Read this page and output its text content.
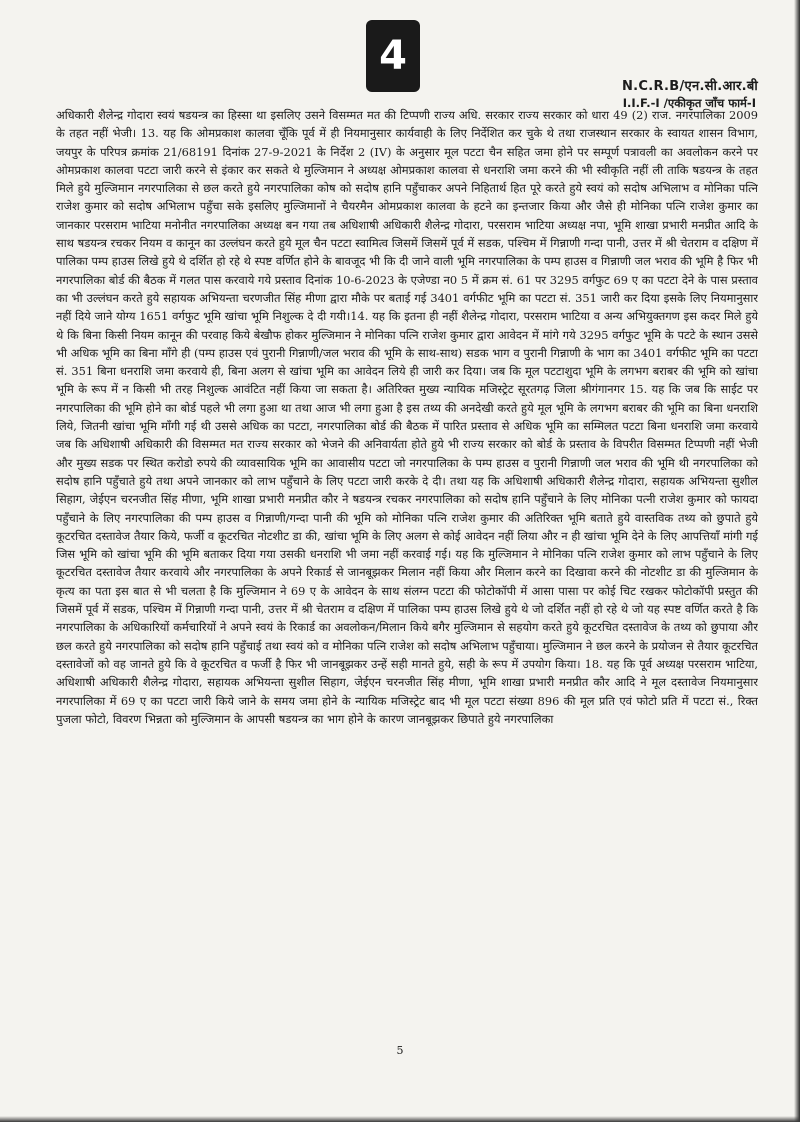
4
N.C.R.B/एन.सी.आर.बी
I.I.F.-I /एकीकृत जाँच फार्म-I

अधिकारी शैलेन्द्र गोदारा स्वयं षडयन्त्र का हिस्सा था इसलिए उसने विसम्मत मत की टिप्पणी राज्य अधि. सरकार राज्य सरकार को धारा 49 (2) राज. नगरपालिका 2009 के तहत नहीं भेजी। 13. यह कि ओमप्रकाश कालवा चूँकि पूर्व में ही नियमानुसार कार्यवाही के लिए निर्देशित कर चुके थे तथा राजस्थान सरकार के स्वायत शासन विभाग, जयपुर के परिपत्र क्रमांक 21/68191 दिनांक 27-9-2021 के निर्देश 2 (IV) के अनुसार मूल पटटा चैन सहित जमा होने पर सम्पूर्ण पत्रावली का अवलोकन करने पर ओमप्रकाश कालवा पटटा जारी करने से इंकार कर सकते थे मुल्जिमान ने अध्यक्ष ओमप्रकाश कालवा से धनराशि जमा करने की भी स्वीकृति नहीं ली ताकि षडयन्त्र के तहत मिले हुये मुल्जिमान नगरपालिका से छल करते हुये नगरपालिका कोष को सदोष हानि पहुँचाकर अपने निहितार्थ हित पूरे करते हुये स्वयं को सदोष अभिलाभ व मोनिका पत्नि राजेश कुमार को सदोष अभिलाभ पहुँचा सके इसलिए मुल्जिमानों ने चैयरमैन ओमप्रकाश कालवा के हटने का इन्तजार किया और जैसे ही मोनिका पत्नि राजेश कुमार का जानकार परसराम भाटिया मनोनीत नगरपालिका अध्यक्ष बन गया तब अधिशाषी अधिकारी शैलेन्द्र गोदारा, परसराम भाटिया अध्यक्ष नपा, भूमि शाखा प्रभारी मनप्रीत आदि के साथ षडयन्त्र रचकर नियम व कानून का उल्लंघन करते हुये मूल चैन पटटा स्वामित्व जिसमें जिसमें पूर्व में सडक, पश्चिम में गिन्नाणी गन्दा पानी, उत्तर में श्री चेतराम व दक्षिण में पालिका पम्प हाउस लिखे हुये थे दर्शित हो रहे थे स्पष्ट वर्णित होने के बावजूद भी कि दी जाने वाली भूमि नगरपालिका के पम्प हाउस व गिन्नाणी जल भराव की भूमि है फिर भी नगरपालिका बोर्ड की बैठक में गलत पास करवाये गये प्रस्ताव दिनांक 10-6-2023 के एजेण्डा न0 5 में क्रम सं. 61 पर 3295 वर्गफुट 69 ए का पटटा देने के पास प्रस्ताव का भी उल्लंघन करते हुये सहायक अभियन्ता चरणजीत सिंह मीणा द्वारा मौके पर बताई गई 3401 वर्गफीट भूमि का पटटा सं. 351 जारी कर दिया इसके लिए नियमानुसार नहीं दिये जाने योग्य 1651 वर्गफुट भूमि खांचा भूमि निशुल्क दे दी गयी।14. यह कि इतना ही नहीं शैलेन्द्र गोदारा, परसराम भाटिया व अन्य अभियुक्तगण इस कदर मिले हुये थे कि बिना किसी नियम कानून की परवाह किये बेखौफ होकर मुल्जिमान ने मोनिका पत्नि राजेश कुमार द्वारा आवेदन में मांगे गये 3295 वर्गफुट भूमि के पटटे के स्थान उससे भी अधिक भूमि का बिना माँगे ही (पम्प हाउस एवं पुरानी गिन्नाणी/जल भराव की भूमि के साथ-साथ) सडक भाग व पुरानी गिन्नाणी के भाग का 3401 वर्गफीट भूमि का पटटा सं. 351 बिना धनराशि जमा करवाये ही, बिना अलग से खांचा भूमि का आवेदन लिये ही जारी कर दिया। जब कि मूल पटटाशुदा भूमि के लगभग बराबर की भूमि को खांचा भूमि के रूप में न किसी भी तरह निशुल्क आवंटित नहीं किया जा सकता है। अतिरिक्त मुख्य न्यायिक मजिस्ट्रेट सूरतगढ़ जिला श्रीगंगानगर 15. यह कि जब कि साईट पर नगरपालिका की भूमि होने का बोर्ड पहले भी लगा हुआ था तथा आज भी लगा हुआ है इस तथ्य की अनदेखी करते हुये मूल भूमि के लगभग बराबर की भूमि का बिना धनराशि लिये, जितनी खांचा भूमि माँगी गई थी उससे अधिक का पटटा, नगरपालिका बोर्ड की बैठक में पारित प्रस्ताव से अधिक भूमि का सम्मिलत पटटा बिना धनराशि जमा करवाये जब कि अधिशाषी अधिकारी की विसम्मत मत राज्य सरकार को भेजने की अनिवार्यता होते हुये भी राज्य सरकार को बोर्ड के प्रस्ताव के विपरीत विसम्मत टिप्पणी नहीं भेजी और मुख्य सडक पर स्थित करोडो रुपये की व्यावसायिक भूमि का आवासीय पटटा जो नगरपालिका के पम्प हाउस व पुरानी गिन्नाणी जल भराव की भूमि थी नगरपालिका को सदोष हानि पहुँचाते हुये तथा अपने जानकार को लाभ पहुँचाने के लिए पटटा जारी करके दे दी। तथा यह कि अधिशाषी अधिकारी शैलेन्द्र गोदारा, सहायक अभियन्ता सुशील सिहाग, जेईएन चरनजीत सिंह मीणा, भूमि शाखा प्रभारी मनप्रीत कौर ने षडयन्त्र रचकर नगरपालिका को सदोष हानि पहुँचाने के लिए मोनिका पत्नी राजेश कुमार को फायदा पहुँचाने के लिए नगरपालिका की पम्प हाउस व गिन्नाणी/गन्दा पानी की भूमि को मोनिका पत्नि राजेश कुमार की अतिरिक्त भूमि बताते हुये वास्तविक तथ्य को छुपाते हुये कूटरचित दस्तावेज तैयार किये, फर्जी व कूटरचित नोटशीट डा की, खांचा भूमि के लिए अलग से कोई आवेदन नहीं लिया और न ही खांचा भूमि देने के लिए आपत्तियाँ मांगी गई जिस भूमि को खांचा भूमि की भूमि बताकर दिया गया उसकी धनराशि भी जमा नहीं करवाई गई। यह कि मुल्जिमान ने मोनिका पत्नि राजेश कुमार को लाभ पहुँचाने के लिए कूटरचित दस्तावेज तैयार करवाये और नगरपालिका के अपने रिकार्ड से जानबूझकर मिलान नहीं किया और मिलान करने का दिखावा करने की नोटशीट डा की मुल्जिमान के कृत्य का पता इस बात से भी चलता है कि मुल्जिमान ने 69 ए के आवेदन के साथ संलग्न पटटा की फोटोकॉपी में आसा पासा पर कोई चिट रखकर फोटोकॉपी प्रस्तुत की जिसमें पूर्व में सडक, पश्चिम में गिन्नाणी गन्दा पानी, उत्तर में श्री चेतराम व दक्षिण में पालिका पम्प हाउस लिखे हुये थे जो दर्शित नहीं हो रहे थे जो यह स्पष्ट वर्णित करते है कि नगरपालिका के अधिकारियों कर्मचारियों ने अपने स्वयं के रिकार्ड का अवलोकन/मिलान किये बगैर मुल्जिमान से सहयोग करते हुये कूटरचित दस्तावेज के तथ्य को छुपाया और छल करते हुये नगरपालिका को सदोष हानि पहुँचाई तथा स्वयं को व मोनिका पत्नि राजेश को सदोष अभिलाभ पहुँचाया। मुल्जिमान ने छल करने के प्रयोजन से तैयार कूटरचित दस्तावेजों को वह जानते हुये कि वे कूटरचित व फर्जी है फिर भी जानबूझकर उन्हें सही मानते हुये, सही के रूप में उपयोग किया। 18. यह कि पूर्व अध्यक्ष परसराम भाटिया, अधिशाषी अधिकारी शैलेन्द्र गोदारा, सहायक अभियन्ता सुशील सिहाग, जेईएन चरनजीत सिंह मीणा, भूमि शाखा प्रभारी मनप्रीत कौर आदि ने मूल दस्तावेज नियमानुसार नगरपालिका में 69 ए का पटटा जारी किये जाने के समय जमा होने के न्यायिक मजिस्ट्रेट बाद भी मूल पटटा संख्या 896 की मूल प्रति एवं फोटो प्रति में पटटा सं., रिक्त पुजला फोटो, विवरण भिन्नता को मुल्जिमान के आपसी षडयन्त्र का भाग होने के कारण जानबूझकर छिपाते हुये नगरपालिका

5
